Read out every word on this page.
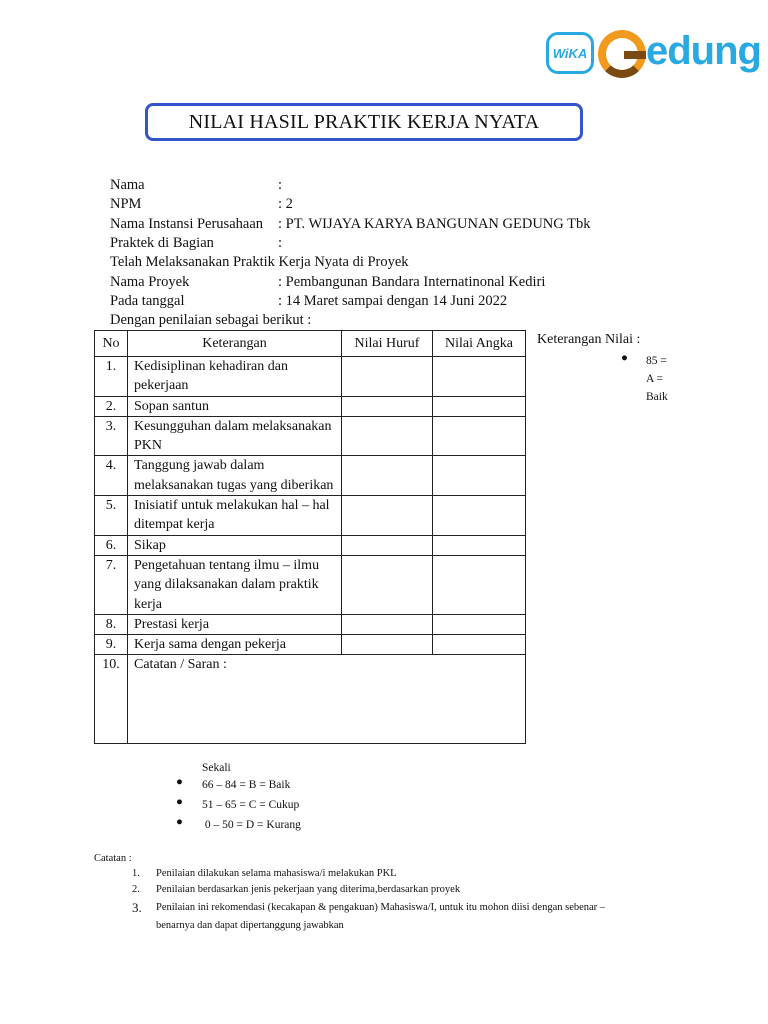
WiKA edung
NILAI HASIL PRAKTIK KERJA NYATA

Nama	:

NPM	: 2

Nama Instansi Perusahaan : PT. WIJAYA KARYA BANGUNAN GEDUNG Tbk

Praktek di Bagian	:

Telah Melaksanakan Praktik Kerja Nyata di Proyek

Nama Proyek	: Pembangunan Bandara Internatinonal Kediri

Pada tanggal	: 14 Maret sampai dengan 14 Juni 2022

Dengan penilaian sebagai berikut :

No	Keterangan	Nilai Huruf	Nilai Angka
1.	Kedisiplinan kehadiran dan pekerjaan		
2.	Sopan santun		
3.	Kesungguhan dalam melaksanakan PKN		
4.	Tanggung jawab dalam melaksanakan tugas yang diberikan		
5.	Inisiatif untuk melakukan hal – hal ditempat kerja		
6.	Sikap		
7.	Pengetahuan tentang ilmu – ilmu yang dilaksanakan dalam praktik kerja		
8.	Prestasi kerja		
9.	Kerja sama dengan pekerja		
10.	Catatan / Saran :		
Keterangan Nilai :
● 85 =
A =
Baik
Sekali
● 66 – 84 = B = Baik
● 51 – 65 = C = Cukup
● 0 – 50 = D = Kurang
Catatan :
1. Penilaian dilakukan selama mahasiswa/i melakukan PKL
2. Penilaian berdasarkan jenis pekerjaan yang diterima,berdasarkan proyek
3. Penilaian ini rekomendasi (kecakapan & pengakuan) Mahasiswa/I, untuk itu mohon diisi dengan sebenar –
benarnya dan dapat dipertanggung jawabkan
